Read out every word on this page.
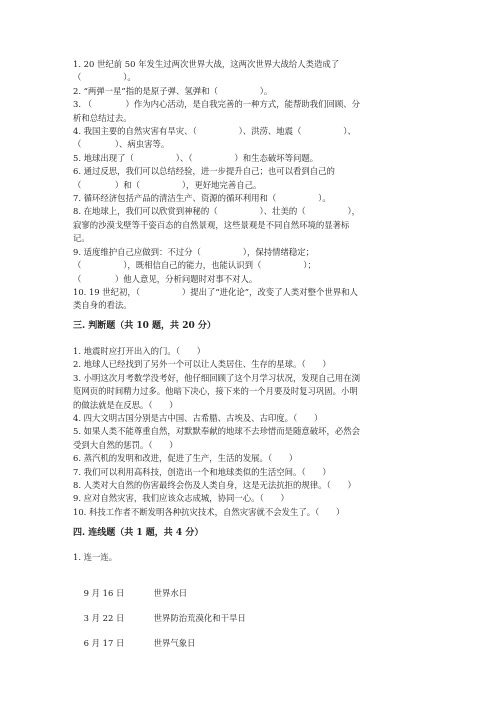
1. 20 世纪前 50 年发生过两次世界大战，这两次世界大战给人类造成了

（　　　　　）。

2. “两弹一星”指的是原子弹、氢弹和（　　　　　）。

3. （　　　　）作为内心活动，是自我完善的一种方式，能帮助我们回顾、分

析和总结过去。

4. 我国主要的自然灾害有旱灾、（　　　　　）、洪涝、地震（　　　　　）、

（　　　　）、病虫害等。

5. 地球出现了（　　　　　）、（　　　　　）和生态破坏等问题。

6. 通过反思，我们可以总结经验，进一步提升自己；也可以看到自己的

（　　　　）和（　　　　　），更好地完善自己。

7. 循环经济包括产品的清洁生产、资源的循环利用和（　　　　　）。

8. 在地球上，我们可以欣赏到神秘的（　　　　　）、壮美的（　　　　　），

寂寥的沙漠戈壁等千姿百态的自然景观，这些景观是不同自然环境的显著标

记。

9. 适度维护自己应做到：不过分（　　　　　），保持情绪稳定；

（　　　　　），既相信自己的能力，也能认识到（　　　　　）；

（　　　　）他人意见，分析问题时对事不对人。

10. 19 世纪初，（　　　　　）提出了“进化论”，改变了人类对整个世界和人

类自身的看法。

三. 判断题（共 10 题，共 20 分）

1. 地震时应打开出入的门。（　　）

2. 地球人已经找到了另外一个可以让人类居住、生存的星球。（　　）

3. 小明这次月考数学没考好，他仔细回顾了这个月学习状况，发现自己用在浏

览网页的时间精力过多。他暗下决心，接下来的一个月要及时复习巩固。小明

的做法就是在反思。（　　）

4. 四大文明古国分别是古中国、古希腊、古埃及、古印度。（　　）

5. 如果人类不能尊重自然，对默默奉献的地球不去珍惜而是随意破坏，必然会

受到大自然的惩罚。（　　）

6. 蒸汽机的发明和改进，促进了生产，生活的发展。（　　）

7. 我们可以利用高科技，创造出一个和地球类似的生活空间。（　　）

8. 人类对大自然的伤害最终会伤及人类自身，这是无法抗拒的规律。（　　）

9. 应对自然灾害，我们应该众志成城，协同一心。（　　）

10. 科技工作者不断发明各种抗灾技术，自然灾害就不会发生了。（　　）

四. 连线题（共 1 题，共 4 分）

1. 连一连。

9 月 16 日	世界水日

3 月 22 日	世界防治荒漠化和干旱日

6 月 17 日	世界气象日
